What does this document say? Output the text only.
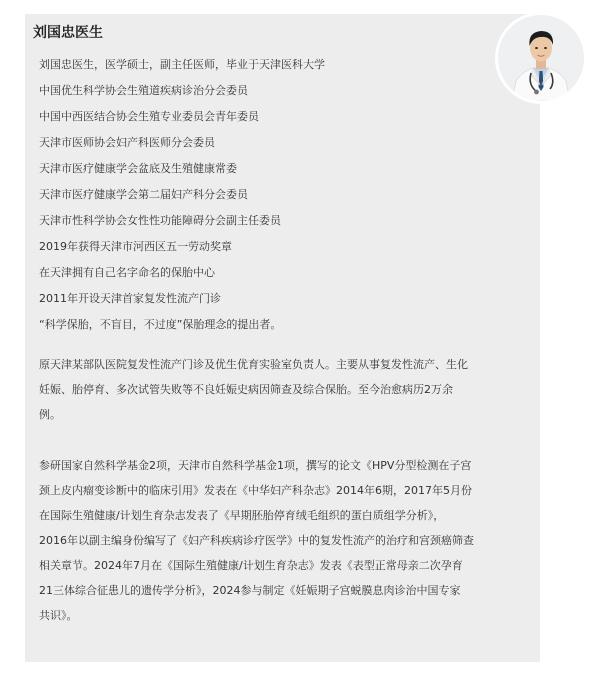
刘国忠医生
刘国忠医生，医学硕士，副主任医师，毕业于天津医科大学
中国优生科学协会生殖道疾病诊治分会委员
中国中西医结合协会生殖专业委员会青年委员
天津市医师协会妇产科医师分会委员
天津市医疗健康学会盆底及生殖健康常委
天津市医疗健康学会第二届妇产科分会委员
天津市性科学协会女性性功能障碍分会副主任委员
2019年获得天津市河西区五一劳动奖章
在天津拥有自己名字命名的保胎中心
2011年开设天津首家复发性流产门诊
“科学保胎，不盲目，不过度”保胎理念的提出者。

原天津某部队医院复发性流产门诊及优生优育实验室负责人。主要从事复发性流产、生化
妊娠、胎停育、多次试管失败等不良妊娠史病因筛查及综合保胎。至今治愈病历2万余
例。

参研国家自然科学基金2项，天津市自然科学基金1项，撰写的论文《HPV分型检测在子宫
颈上皮内瘤变诊断中的临床引用》发表在《中华妇产科杂志》2014年6期，2017年5月份
在国际生殖健康/计划生育杂志发表了《早期胚胎停育绒毛组织的蛋白质组学分析》，
2016年以副主编身份编写了《妇产科疾病诊疗医学》中的复发性流产的治疗和宫颈癌筛查
相关章节。2024年7月在《国际生殖健康/计划生育杂志》发表《表型正常母亲二次孕育
21三体综合征患儿的遗传学分析》，2024参与制定《妊娠期子宫蜕膜息肉诊治中国专家
共识》。
